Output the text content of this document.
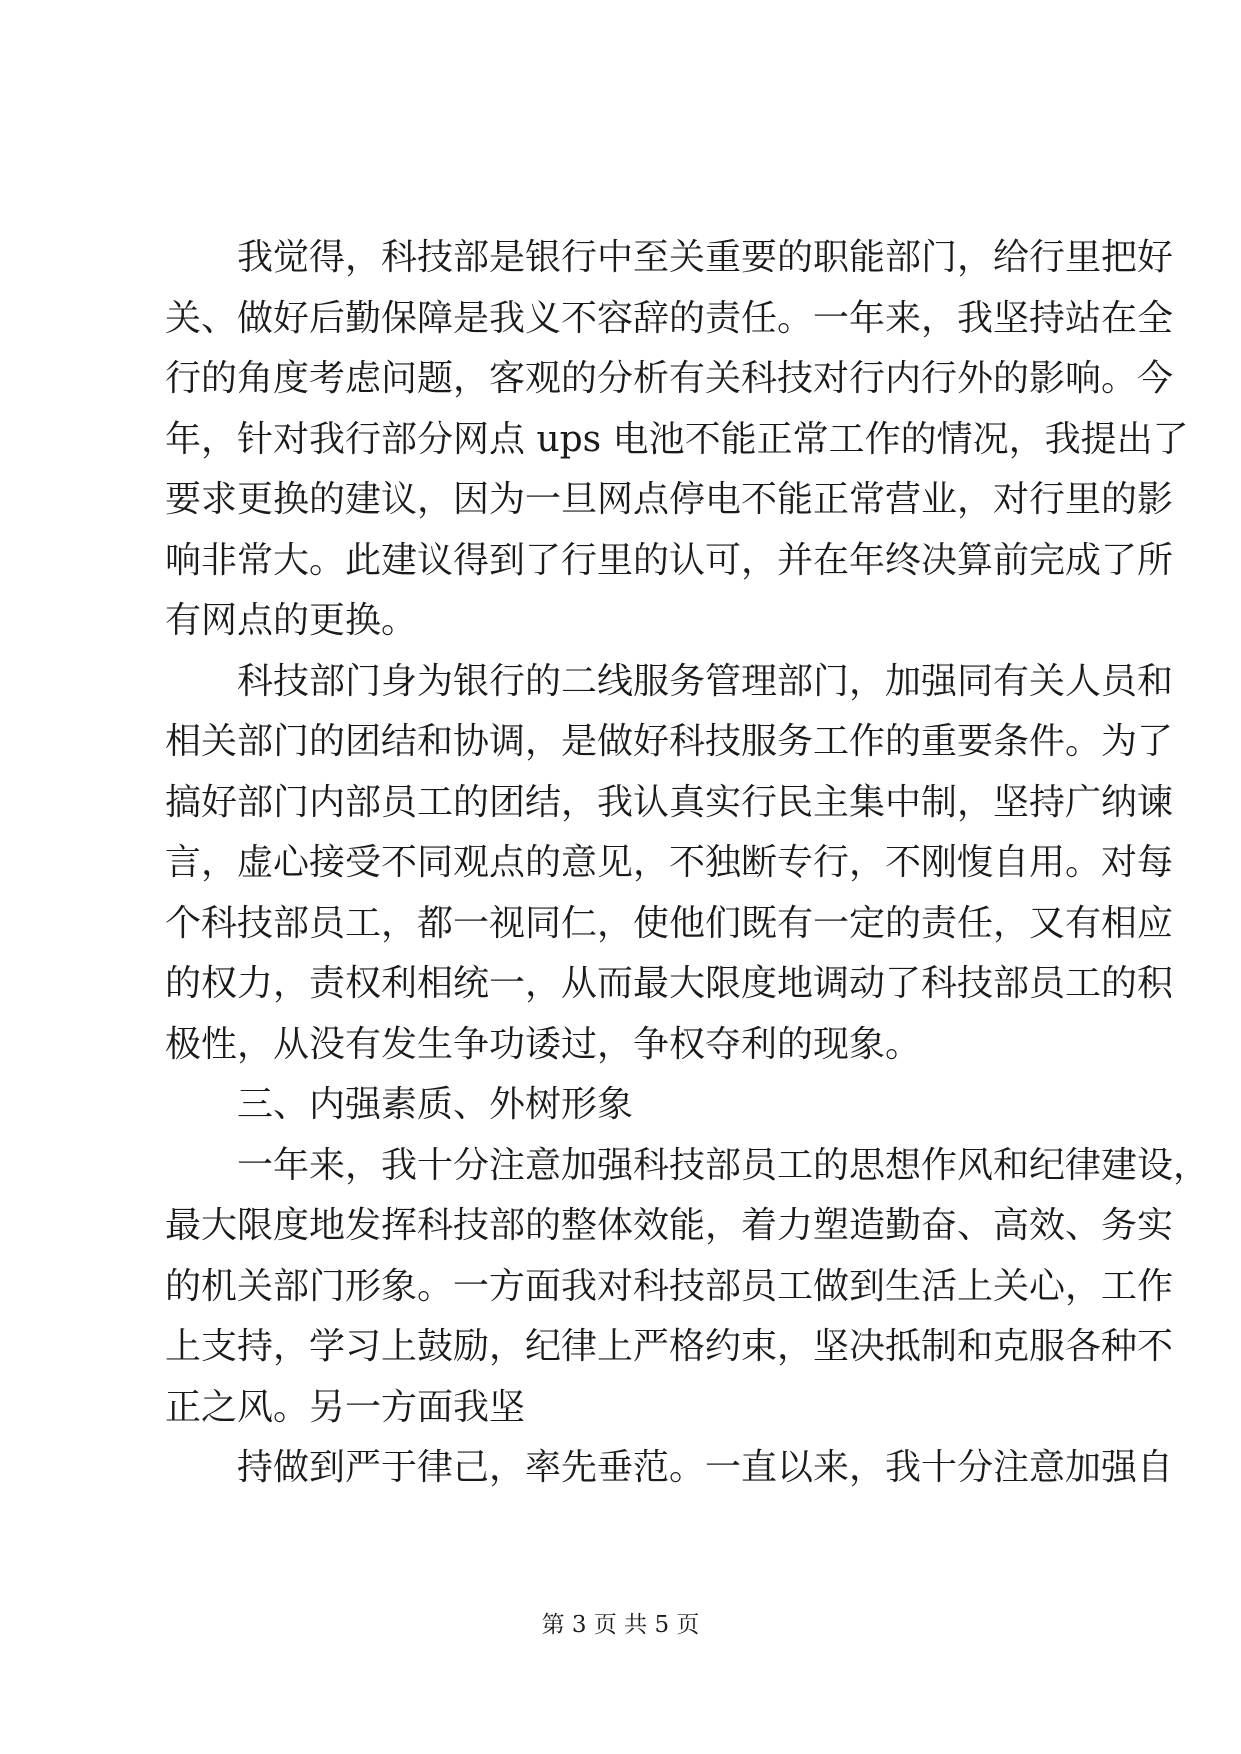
我觉得，科技部是银行中至关重要的职能部门，给行里把好
关、做好后勤保障是我义不容辞的责任。一年来，我坚持站在全
行的角度考虑问题，客观的分析有关科技对行内行外的影响。今
年，针对我行部分网点 ups 电池不能正常工作的情况，我提出了
要求更换的建议，因为一旦网点停电不能正常营业，对行里的影
响非常大。此建议得到了行里的认可，并在年终决算前完成了所
有网点的更换。

科技部门身为银行的二线服务管理部门，加强同有关人员和
相关部门的团结和协调，是做好科技服务工作的重要条件。为了
搞好部门内部员工的团结，我认真实行民主集中制，坚持广纳谏
言，虚心接受不同观点的意见，不独断专行，不刚愎自用。对每
个科技部员工，都一视同仁，使他们既有一定的责任，又有相应
的权力，责权利相统一，从而最大限度地调动了科技部员工的积
极性，从没有发生争功诿过，争权夺利的现象。

三、内强素质、外树形象

一年来，我十分注意加强科技部员工的思想作风和纪律建设，
最大限度地发挥科技部的整体效能，着力塑造勤奋、高效、务实
的机关部门形象。一方面我对科技部员工做到生活上关心，工作
上支持，学习上鼓励，纪律上严格约束，坚决抵制和克服各种不
正之风。另一方面我坚

持做到严于律己，率先垂范。一直以来，我十分注意加强自

第 3 页 共 5 页
